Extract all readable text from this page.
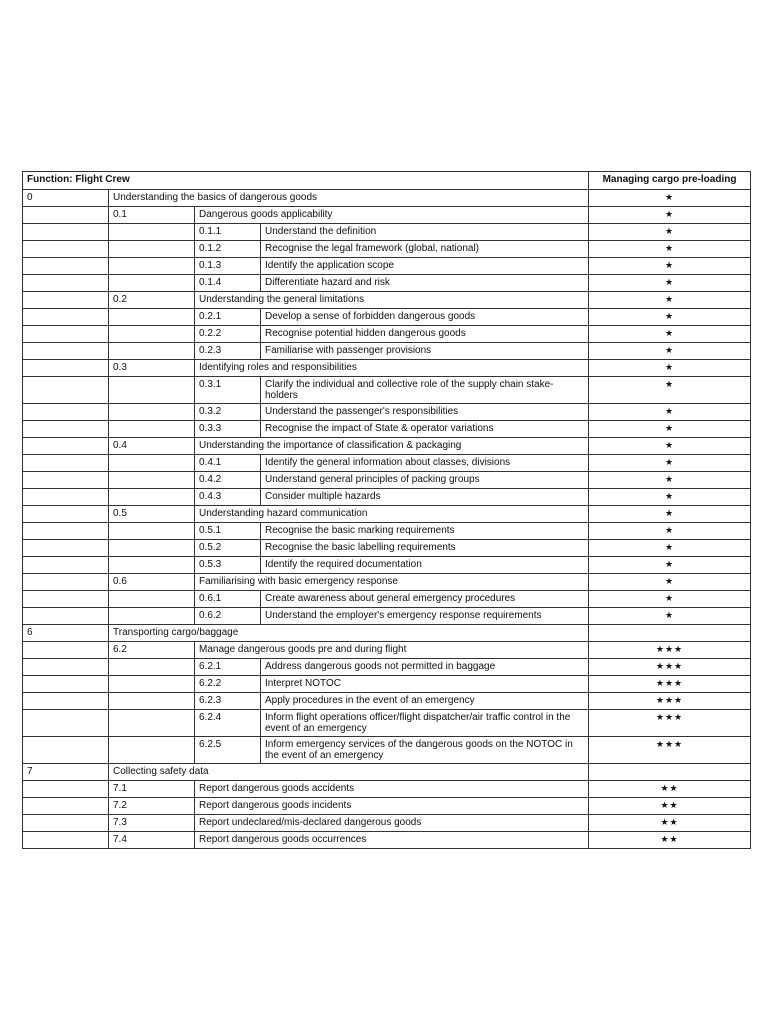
Function: Flight Crew				Managing cargo pre-loading
0	Understanding the basics of dangerous goods			★
	0.1	Dangerous goods applicability		★
		0.1.1	Understand the definition	★
		0.1.2	Recognise the legal framework (global, national)	★
		0.1.3	Identify the application scope	★
		0.1.4	Differentiate hazard and risk	★
	0.2	Understanding the general limitations		★
		0.2.1	Develop a sense of forbidden dangerous goods	★
		0.2.2	Recognise potential hidden dangerous goods	★
		0.2.3	Familiarise with passenger provisions	★
	0.3	Identifying roles and responsibilities		★
		0.3.1	Clarify the individual and collective role of the supply chain stake-holders	★
		0.3.2	Understand the passenger's responsibilities	★
		0.3.3	Recognise the impact of State & operator variations	★
	0.4	Understanding the importance of classification & packaging		★
		0.4.1	Identify the general information about classes, divisions	★
		0.4.2	Understand general principles of packing groups	★
		0.4.3	Consider multiple hazards	★
	0.5	Understanding hazard communication		★
		0.5.1	Recognise the basic marking requirements	★
		0.5.2	Recognise the basic labelling requirements	★
		0.5.3	Identify the required documentation	★
	0.6	Familiarising with basic emergency response		★
		0.6.1	Create awareness about general emergency procedures	★
		0.6.2	Understand the employer's emergency response requirements	★
6	Transporting cargo/baggage			
	6.2	Manage dangerous goods pre and during flight		★★★
		6.2.1	Address dangerous goods not permitted in baggage	★★★
		6.2.2	Interpret NOTOC	★★★
		6.2.3	Apply procedures in the event of an emergency	★★★
		6.2.4	Inform flight operations officer/flight dispatcher/air traffic control in the event of an emergency	★★★
		6.2.5	Inform emergency services of the dangerous goods on the NOTOC in the event of an emergency	★★★
7	Collecting safety data			
	7.1	Report dangerous goods accidents		★★
	7.2	Report dangerous goods incidents		★★
	7.3	Report undeclared/mis-declared dangerous goods		★★
	7.4	Report dangerous goods occurrences		★★
